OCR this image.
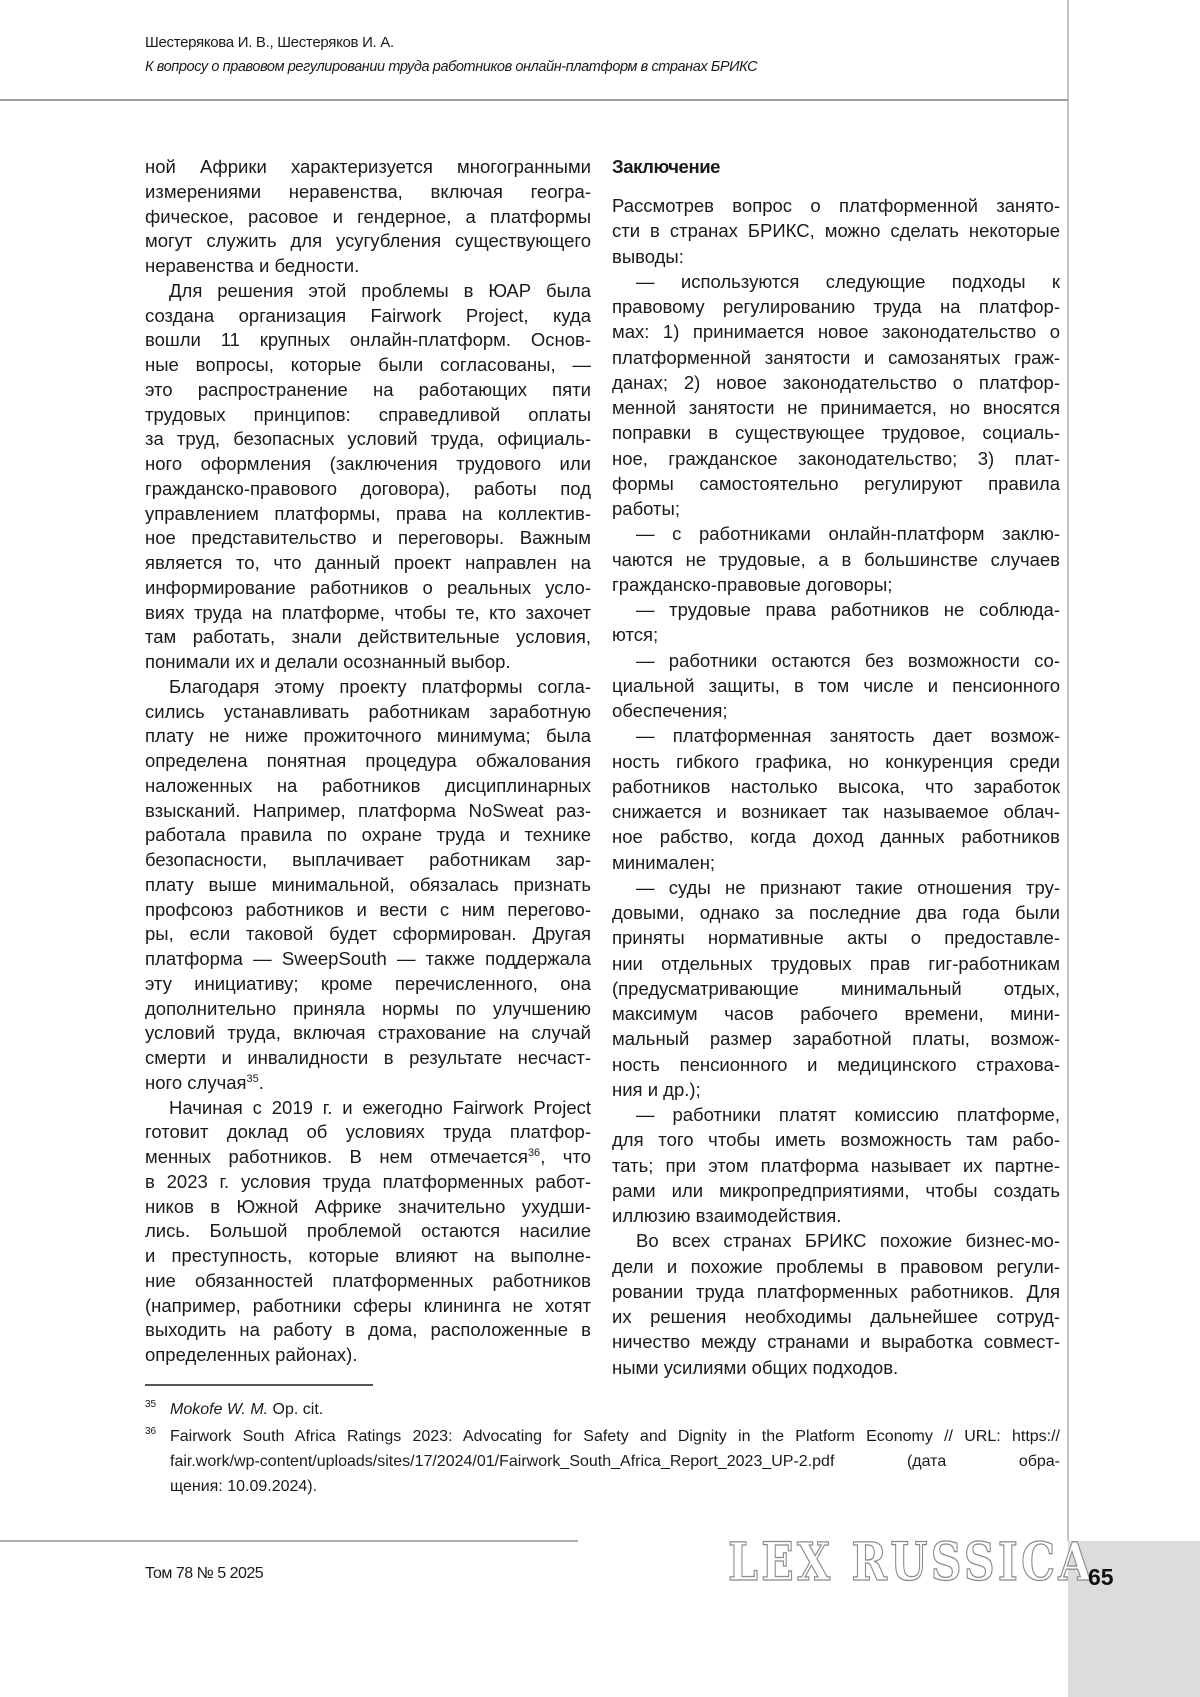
Шестерякова И. В., Шестеряков И. А.
К вопросу о правовом регулировании труда работников онлайн-платформ в странах БРИКС
ной Африки характеризуется многогранными
измерениями неравенства, включая геогра-
фическое, расовое и гендерное, а платформы
могут служить для усугубления существующего
неравенства и бедности.
Для решения этой проблемы в ЮАР была
создана организация Fairwork Project, куда
вошли 11 крупных онлайн-платформ. Основ-
ные вопросы, которые были согласованы, —
это распространение на работающих пяти
трудовых принципов: справедливой оплаты
за труд, безопасных условий труда, официаль-
ного оформления (заключения трудового или
гражданско-правового договора), работы под
управлением платформы, права на коллектив-
ное представительство и переговоры. Важным
является то, что данный проект направлен на
информирование работников о реальных усло-
виях труда на платформе, чтобы те, кто захочет
там работать, знали действительные условия,
понимали их и делали осознанный выбор.
Благодаря этому проекту платформы согла-
сились устанавливать работникам заработную
плату не ниже прожиточного минимума; была
определена понятная процедура обжалования
наложенных на работников дисциплинарных
взысканий. Например, платформа NoSweat раз-
работала правила по охране труда и технике
безопасности, выплачивает работникам зар-
плату выше минимальной, обязалась признать
профсоюз работников и вести с ним перегово-
ры, если таковой будет сформирован. Другая
платформа — SweepSouth — также поддержала
эту инициативу; кроме перечисленного, она
дополнительно приняла нормы по улучшению
условий труда, включая страхование на случай
смерти и инвалидности в результате несчаст-
ного случая$^{35}$.
Начиная с 2019 г. и ежегодно Fairwork Project
готовит доклад об условиях труда платфор-
менных работников. В нем отмечается$^{36}$, что
в 2023 г. условия труда платформенных работ-
ников в Южной Африке значительно ухудши-
лись. Большой проблемой остаются насилие
и преступность, которые влияют на выполне-
ние обязанностей платформенных работников
(например, работники сферы клининга не хотят
выходить на работу в дома, расположенные в
определенных районах).
Заключение
Рассмотрев вопрос о платформенной занято-
сти в странах БРИКС, можно сделать некоторые
выводы:
— используются следующие подходы к
правовому регулированию труда на платфор-
мах: 1) принимается новое законодательство о
платформенной занятости и самозанятых граж-
данах; 2) новое законодательство о платфор-
менной занятости не принимается, но вносятся
поправки в существующее трудовое, социаль-
ное, гражданское законодательство; 3) плат-
формы самостоятельно регулируют правила
работы;
— с работниками онлайн-платформ заклю-
чаются не трудовые, а в большинстве случаев
гражданско-правовые договоры;
— трудовые права работников не соблюда-
ются;
— работники остаются без возможности со-
циальной защиты, в том числе и пенсионного
обеспечения;
— платформенная занятость дает возмож-
ность гибкого графика, но конкуренция среди
работников настолько высока, что заработок
снижается и возникает так называемое облач-
ное рабство, когда доход данных работников
минимален;
— суды не признают такие отношения тру-
довыми, однако за последние два года были
приняты нормативные акты о предоставле-
нии отдельных трудовых прав гиг-работникам
(предусматривающие минимальный отдых,
максимум часов рабочего времени, мини-
мальный размер заработной платы, возмож-
ность пенсионного и медицинского страхова-
ния и др.);
— работники платят комиссию платформе,
для того чтобы иметь возможность там рабо-
тать; при этом платформа называет их партне-
рами или микропредприятиями, чтобы создать
иллюзию взаимодействия.
Во всех странах БРИКС похожие бизнес-мо-
дели и похожие проблемы в правовом регули-
ровании труда платформенных работников. Для
их решения необходимы дальнейшее сотруд-
ничество между странами и выработка совмест-
ными усилиями общих подходов.
35 Mokofe W. M. Op. cit.
36 Fairwork South Africa Ratings 2023: Advocating for Safety and Dignity in the Platform Economy // URL: https://
fair.work/wp-content/uploads/sites/17/2024/01/Fairwork_South_Africa_Report_2023_UP-2.pdf (дата обра-
щения: 10.09.2024).
Том 78 № 5 2025	LEX RUSSICA
65
